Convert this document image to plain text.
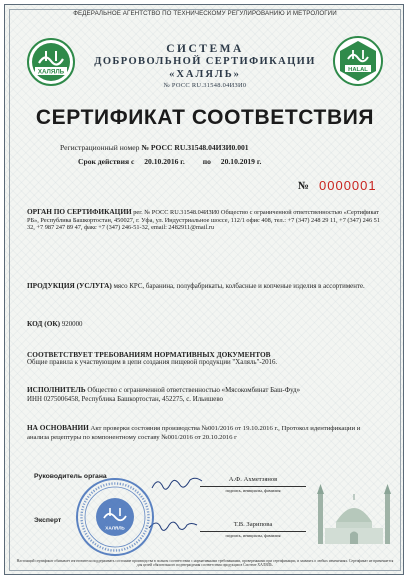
ФЕДЕРАЛЬНОЕ АГЕНТСТВО ПО ТЕХНИЧЕСКОМУ РЕГУЛИРОВАНИЮ И МЕТРОЛОГИИ
ХАЛЯЛЬ
СИСТЕМА
ДОБРОВОЛЬНОЙ СЕРТИФИКАЦИИ
«ХАЛЯЛЬ»
№ РОСС RU.31548.04ИЗИ0
HALAL
СЕРТИФИКАТ СООТВЕТСТВИЯ
Регистрационный номер № РОСС RU.31548.04ИЗИ0.001
Срок действия с 20.10.2016 г. по 20.10.2019 г.
№ 0000001
ОРГАН ПО СЕРТИФИКАЦИИ рег. № РОСС RU.31548.04ИЗИ0 Общество с ограниченной ответственностью «Сертификат РБ», Республика Башкортостан, 450027, г. Уфа, ул. Индустриальное шоссе, 112/1 офис 408, тел.: +7 (347) 248 29 11, +7 (347) 246 51 32, +7 987 247 89 47, факс +7 (347) 246-51-32, email: 2482911@mail.ru
ПРОДУКЦИЯ (УСЛУГА) мясо КРС, баранина, полуфабрикаты, колбасные и копченые изделия в ассортименте.
КОД (ОК) 920000
СООТВЕТСТВУЕТ ТРЕБОВАНИЯМ НОРМАТИВНЫХ ДОКУМЕНТОВ
Общие правила к участвующим в цепи создания пищевой продукции "Халяль"-2016.
ИСПОЛНИТЕЛЬ Общество с ограниченной ответственностью «Мясокомбинат Баш-Фуд»
ИНН 0275006458, Республика Башкортостан, 452275, с. Ильишево
НА ОСНОВАНИИ Акт проверки состояния производства №001/2016 от 19.10.2016 г., Протокол идентификации и анализа рецептуры по компонентному составу №001/2016 от 20.10.2016 г
Руководитель органа	А.Ф. Ахметзянов
подпись, инициалы, фамилия
Эксперт
Т.В. Зарипова
подпись, инициалы, фамилия
ХАЛЯЛЬ
Настоящий сертификат обязывает изготовителя поддерживать состояние производства в полном соответствии с нормативными требованиями, проверенными при сертификации, и заявлять о любых изменениях. Сертификат не применяется для целей обязательного подтверждения соответствия продукции в Системе ХАЛЯЛЬ.
